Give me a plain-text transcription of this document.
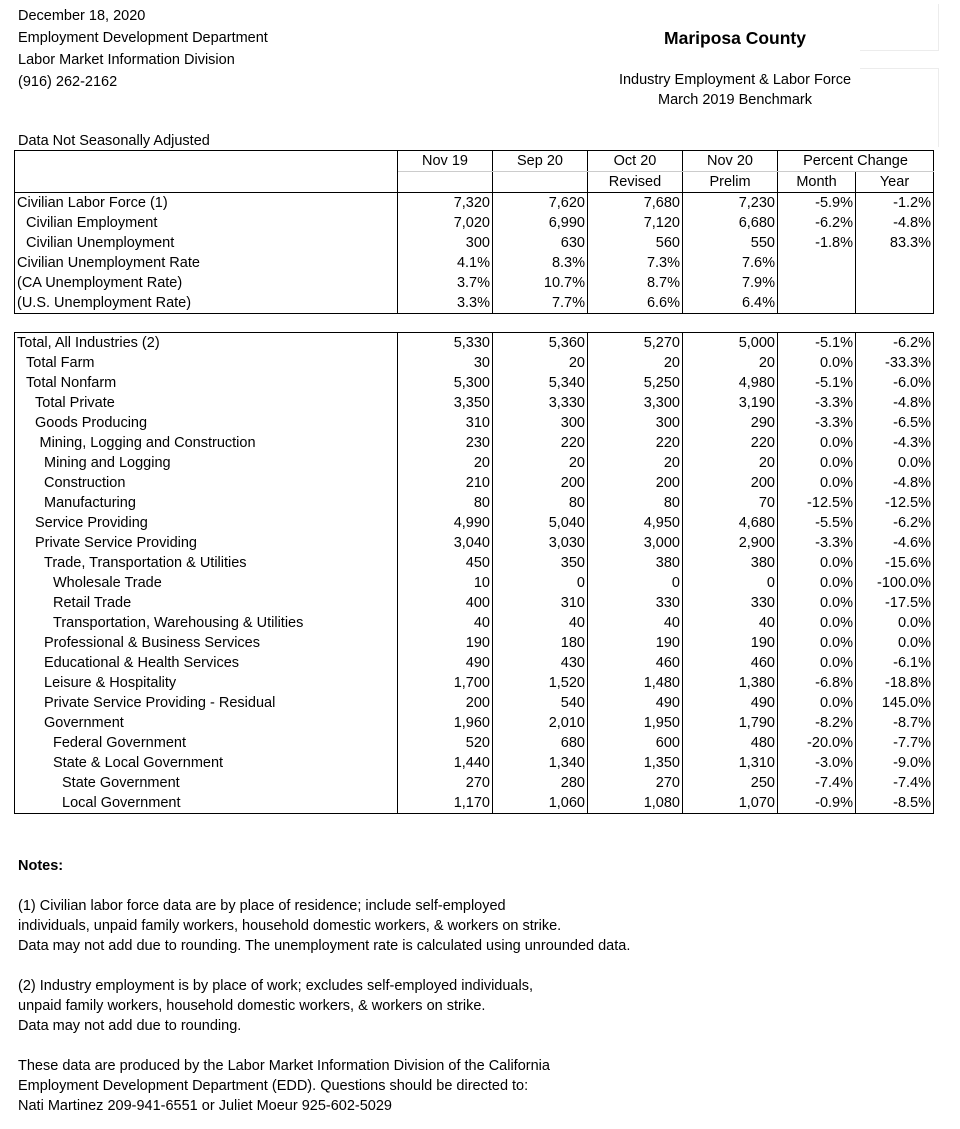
December 18, 2020
Employment Development Department
Labor Market Information Division
(916) 262-2162
Mariposa County
Industry Employment & Labor Force
March 2019 Benchmark
Data Not Seasonally Adjusted
	Nov 19	Sep 20	Oct 20	Nov 20	Percent Change	
			Revised	Prelim	Month	Year
Civilian Labor Force (1)	7,320	7,620	7,680	7,230	-5.9%	-1.2%
Civilian Employment	7,020	6,990	7,120	6,680	-6.2%	-4.8%
Civilian Unemployment	300	630	560	550	-1.8%	83.3%
Civilian Unemployment Rate	4.1%	8.3%	7.3%	7.6%		
(CA Unemployment Rate)	3.7%	10.7%	8.7%	7.9%		
(U.S. Unemployment Rate)	3.3%	7.7%	6.6%	6.4%		
Total, All Industries (2)	5,330	5,360	5,270	5,000	-5.1%	-6.2%
Total Farm	30	20	20	20	0.0%	-33.3%
Total Nonfarm	5,300	5,340	5,250	4,980	-5.1%	-6.0%
Total Private	3,350	3,330	3,300	3,190	-3.3%	-4.8%
Goods Producing	310	300	300	290	-3.3%	-6.5%
Mining, Logging and Construction	230	220	220	220	0.0%	-4.3%
Mining and Logging	20	20	20	20	0.0%	0.0%
Construction	210	200	200	200	0.0%	-4.8%
Manufacturing	80	80	80	70	-12.5%	-12.5%
Service Providing	4,990	5,040	4,950	4,680	-5.5%	-6.2%
Private Service Providing	3,040	3,030	3,000	2,900	-3.3%	-4.6%
Trade, Transportation & Utilities	450	350	380	380	0.0%	-15.6%
Wholesale Trade	10	0	0	0	0.0%	-100.0%
Retail Trade	400	310	330	330	0.0%	-17.5%
Transportation, Warehousing & Utilities	40	40	40	40	0.0%	0.0%
Professional & Business Services	190	180	190	190	0.0%	0.0%
Educational & Health Services	490	430	460	460	0.0%	-6.1%
Leisure & Hospitality	1,700	1,520	1,480	1,380	-6.8%	-18.8%
Private Service Providing - Residual	200	540	490	490	0.0%	145.0%
Government	1,960	2,010	1,950	1,790	-8.2%	-8.7%
Federal Government	520	680	600	480	-20.0%	-7.7%
State & Local Government	1,440	1,340	1,350	1,310	-3.0%	-9.0%
State Government	270	280	270	250	-7.4%	-7.4%
Local Government	1,170	1,060	1,080	1,070	-0.9%	-8.5%
Notes:
(1) Civilian labor force data are by place of residence; include self-employed
individuals, unpaid family workers, household domestic workers, & workers on strike.
Data may not add due to rounding. The unemployment rate is calculated using unrounded data.
(2) Industry employment is by place of work; excludes self-employed individuals,
unpaid family workers, household domestic workers, & workers on strike.
Data may not add due to rounding.
These data are produced by the Labor Market Information Division of the California
Employment Development Department (EDD). Questions should be directed to:
Nati Martinez 209-941-6551 or Juliet Moeur 925-602-5029
